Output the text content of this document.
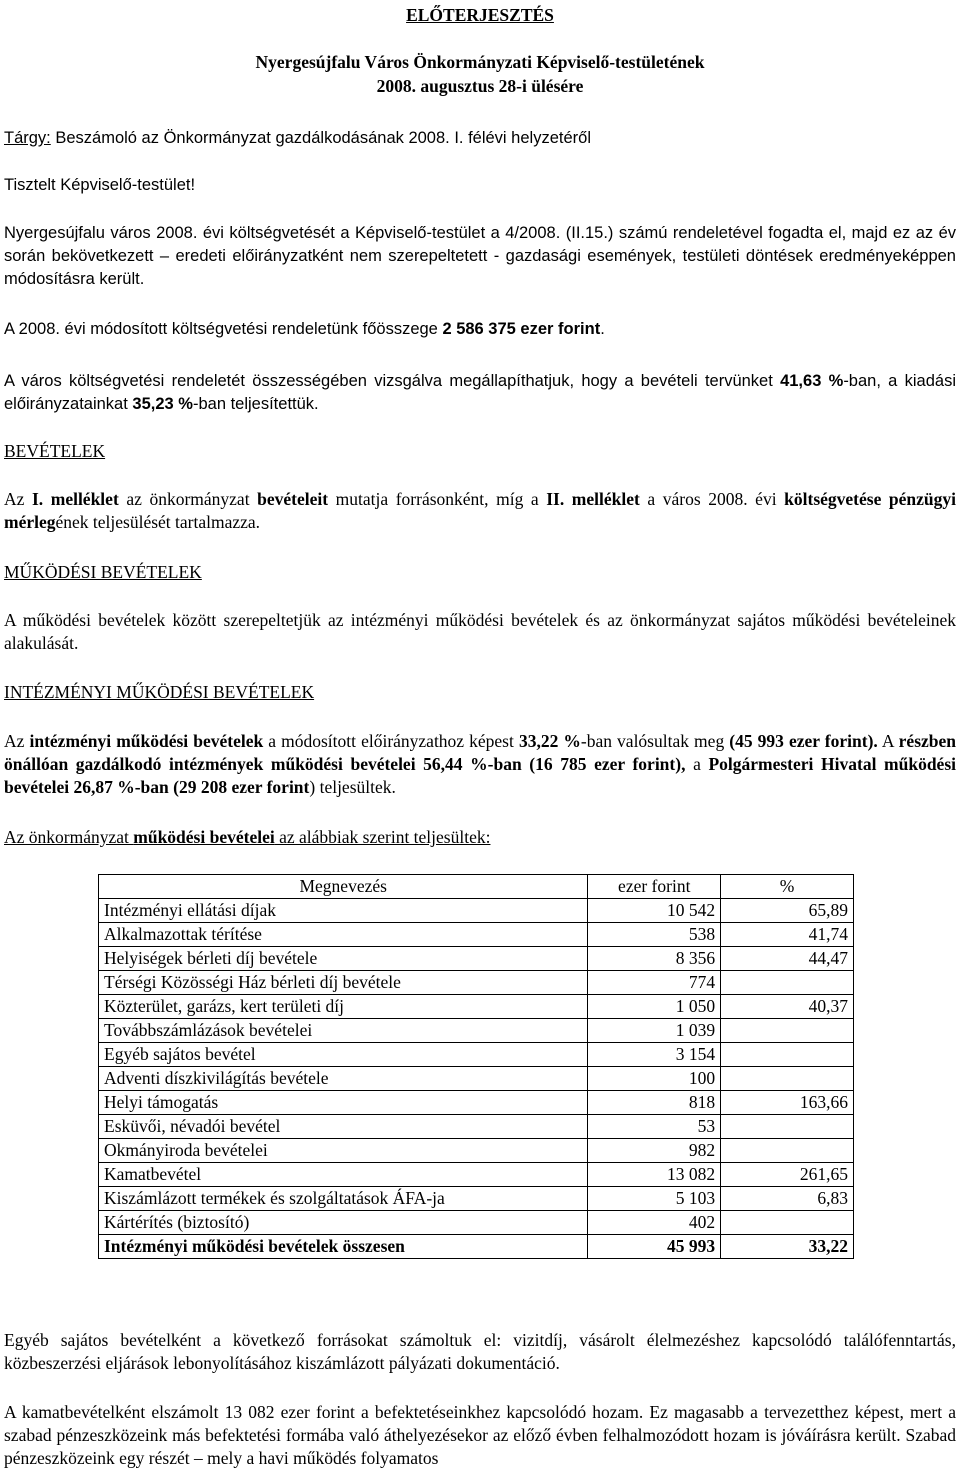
ELŐTERJESZTÉS

Nyergesújfalu Város Önkormányzati Képviselő-testületének

2008. augusztus 28-i ülésére

Tárgy: Beszámoló az Önkormányzat gazdálkodásának 2008. I. félévi helyzetéről

Tisztelt Képviselő-testület!

Nyergesújfalu város 2008. évi költségvetését a Képviselő-testület a 4/2008. (II.15.) számú rendeletével fogadta el, majd ez az év során bekövetkezett – eredeti előirányzatként nem szerepeltetett - gazdasági események, testületi döntések eredményeképpen módosításra került.

A 2008. évi módosított költségvetési rendeletünk főösszege 2 586 375 ezer forint.

A város költségvetési rendeletét összességében vizsgálva megállapíthatjuk, hogy a bevételi tervünket 41,63 %-ban, a kiadási előirányzatainkat 35,23 %-ban teljesítettük.

BEVÉTELEK

Az I. melléklet az önkormányzat bevételeit mutatja forrásonként, míg a II. melléklet a város 2008. évi költségvetése pénzügyi mérlegének teljesülését tartalmazza.

MŰKÖDÉSI BEVÉTELEK

A működési bevételek között szerepeltetjük az intézményi működési bevételek és az önkormányzat sajátos működési bevételeinek alakulását.

INTÉZMÉNYI MŰKÖDÉSI BEVÉTELEK

Az intézményi működési bevételek a módosított előirányzathoz képest 33,22 %-ban valósultak meg (45 993 ezer forint). A részben önállóan gazdálkodó intézmények működési bevételei 56,44 %-ban (16 785 ezer forint), a Polgármesteri Hivatal működési bevételei 26,87 %-ban (29 208 ezer forint) teljesültek.

Az önkormányzat működési bevételei az alábbiak szerint teljesültek:

Megnevezés	ezer forint	%
Intézményi ellátási díjak	10 542	65,89
Alkalmazottak térítése	538	41,74
Helyiségek bérleti díj bevétele	8 356	44,47
Térségi Közösségi Ház bérleti díj bevétele	774	
Közterület, garázs, kert területi díj	1 050	40,37
Továbbszámlázások bevételei	1 039	
Egyéb sajátos bevétel	3 154	
Adventi díszkivilágítás bevétele	100	
Helyi támogatás	818	163,66
Esküvői, névadói bevétel	53	
Okmányiroda bevételei	982	
Kamatbevétel	13 082	261,65
Kiszámlázott termékek és szolgáltatások ÁFA-ja	5 103	6,83
Kártérítés (biztosító)	402	
Intézményi működési bevételek összesen	45 993	33,22

Egyéb sajátos bevételként a következő forrásokat számoltuk el: vizitdíj, vásárolt élelmezéshez kapcsolódó találófenntartás, közbeszerzési eljárások lebonyolításához kiszámlázott pályázati dokumentáció.

A kamatbevételként elszámolt 13 082 ezer forint a befektetéseinkhez kapcsolódó hozam. Ez magasabb a tervezetthez képest, mert a szabad pénzeszközeink más befektetési formába való áthelyezésekor az előző évben felhalmozódott hozam is jóváírásra került. Szabad pénzeszközeink egy részét – mely a havi működés folyamatos
